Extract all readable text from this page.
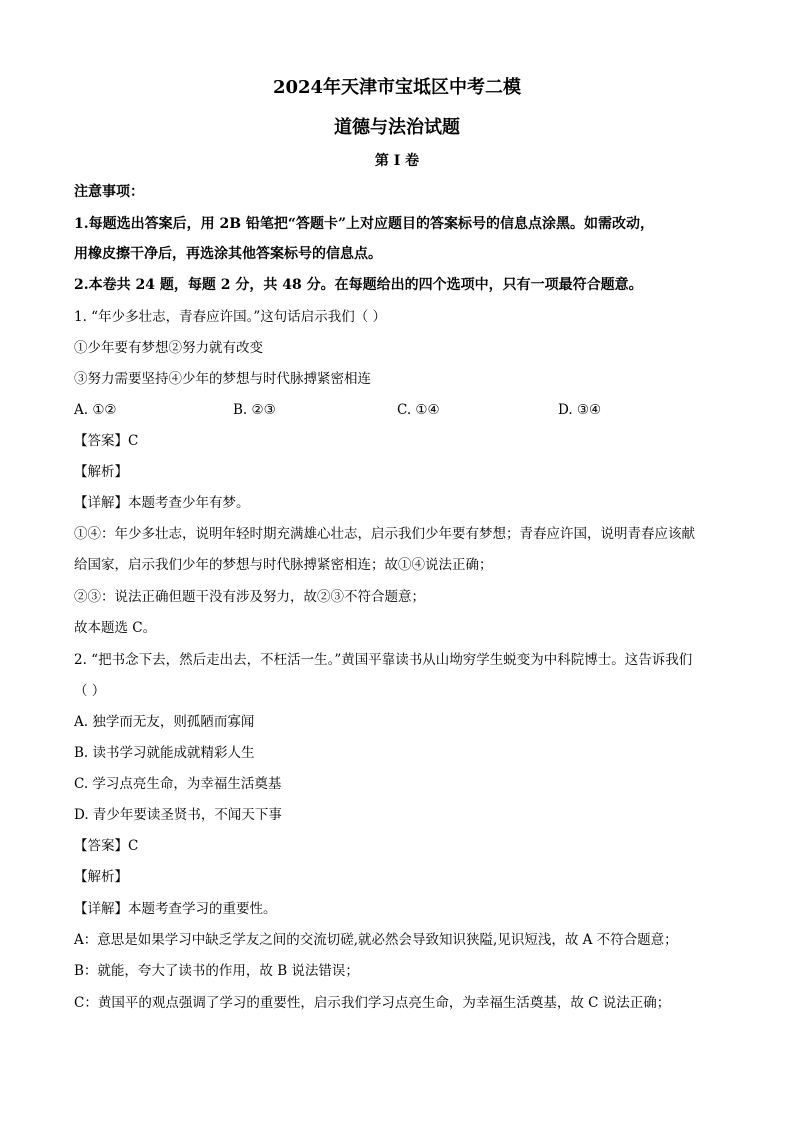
2024年天津市宝坻区中考二模
道德与法治试题
第 I 卷
注意事项：
1.每题选出答案后，用 2B 铅笔把“答题卡”上对应题目的答案标号的信息点涂黑。如需改动，
用橡皮擦干净后，再选涂其他答案标号的信息点。
2.本卷共 24 题，每题 2 分，共 48 分。在每题给出的四个选项中，只有一项最符合题意。
1. “年少多壮志，青春应许国。”这句话启示我们（ ）
①少年要有梦想②努力就有改变
③努力需要坚持④少年的梦想与时代脉搏紧密相连
A. ①②	B. ②③	C. ①④	D. ③④
【答案】C
【解析】
【详解】本题考查少年有梦。
①④：年少多壮志，说明年轻时期充满雄心壮志，启示我们少年要有梦想；青春应许国，说明青春应该献
给国家，启示我们少年的梦想与时代脉搏紧密相连；故①④说法正确；
②③：说法正确但题干没有涉及努力，故②③不符合题意；
故本题选 C。
2. “把书念下去，然后走出去，不枉活一生。”黄国平靠读书从山坳穷学生蜕变为中科院博士。这告诉我们
（ ）
A. 独学而无友，则孤陋而寡闻
B. 读书学习就能成就精彩人生
C. 学习点亮生命，为幸福生活奠基
D. 青少年要读圣贤书，不闻天下事
【答案】C
【解析】
【详解】本题考查学习的重要性。
A：意思是如果学习中缺乏学友之间的交流切磋,就必然会导致知识狭隘,见识短浅，故 A 不符合题意；
B：就能，夸大了读书的作用，故 B 说法错误；
C：黄国平的观点强调了学习的重要性，启示我们学习点亮生命，为幸福生活奠基，故 C 说法正确；
